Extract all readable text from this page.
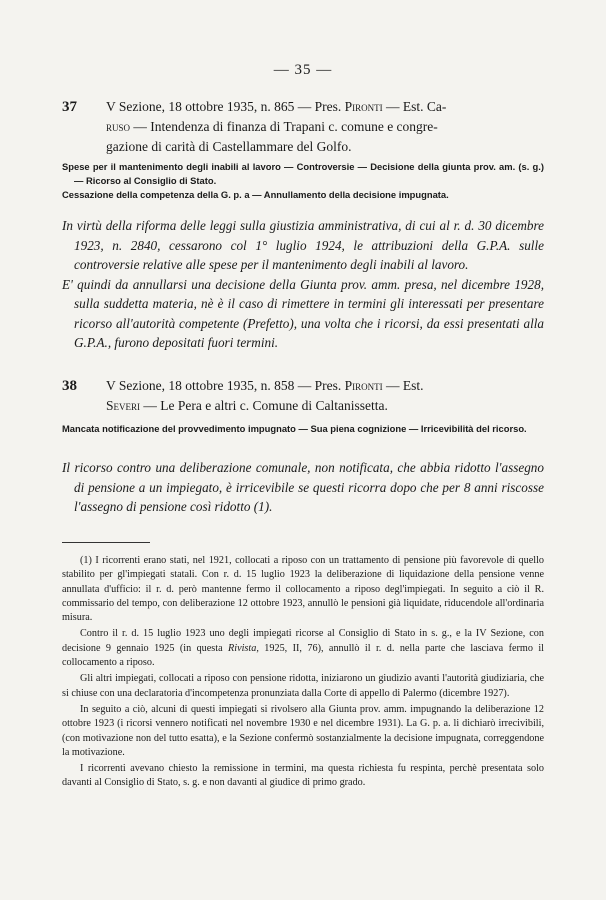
— 35 —
37 V Sezione, 18 ottobre 1935, n. 865 — Pres. Pironti — Est. Ca-
ruso — Intendenza di finanza di Trapani c. comune e congre-
gazione di carità di Castellammare del Golfo.

Spese per il mantenimento degli inabili al lavoro — Controversie — Decisione della giunta prov. am. (s. g.) — Ricorso al Consiglio di Stato.

Cessazione della competenza della G. p. a — Annullamento della decisione impugnata.

In virtù della riforma delle leggi sulla giustizia amministrativa, di cui al r. d. 30 dicembre 1923, n. 2840, cessarono col 1° luglio 1924, le attribuzioni della G.P.A. sulle controversie relative alle spese per il mantenimento degli inabili al lavoro.

E' quindi da annullarsi una decisione della Giunta prov. amm. presa, nel dicembre 1928, sulla suddetta materia, nè è il caso di rimettere in termini gli interessati per presentare ricorso all'autorità competente (Prefetto), una volta che i ricorsi, da essi presentati alla G.P.A., furono depositati fuori termini.

38 V Sezione, 18 ottobre 1935, n. 858 — Pres. Pironti — Est.
Severi — Le Pera e altri c. Comune di Caltanissetta.

Mancata notificazione del provvedimento impugnato — Sua piena cognizione — Irricevibilità del ricorso.

Il ricorso contro una deliberazione comunale, non notificata, che abbia ridotto l'assegno di pensione a un impiegato, è irricevibile se questi ricorra dopo che per 8 anni riscosse l'assegno di pensione così ridotto (1).

(1) I ricorrenti erano stati, nel 1921, collocati a riposo con un trattamento di pensione più favorevole di quello stabilito per gl'impiegati statali. Con r. d. 15 luglio 1923 la deliberazione di liquidazione della pensione venne annullata d'ufficio: il r. d. però mantenne fermo il collocamento a riposo degl'impiegati. In seguito a ciò il R. commissario del tempo, con deliberazione 12 ottobre 1923, annullò le pensioni già liquidate, riducendole all'ordinaria misura.

Contro il r. d. 15 luglio 1923 uno degli impiegati ricorse al Consiglio di Stato in s. g., e la IV Sezione, con decisione 9 gennaio 1925 (in questa Rivista, 1925, II, 76), annullò il r. d. nella parte che lasciava fermo il collocamento a riposo.

Gli altri impiegati, collocati a riposo con pensione ridotta, iniziarono un giudizio avanti l'autorità giudiziaria, che si chiuse con una declaratoria d'incompetenza pronunziata dalla Corte di appello di Palermo (dicembre 1927).

In seguito a ciò, alcuni di questi impiegati si rivolsero alla Giunta prov. amm. impugnando la deliberazione 12 ottobre 1923 (i ricorsi vennero notificati nel novembre 1930 e nel dicembre 1931). La G. p. a. li dichiarò irrecivibili, (con motivazione non del tutto esatta), e la Sezione confermò sostanzialmente la decisione impugnata, correggendone la motivazione.

I ricorrenti avevano chiesto la remissione in termini, ma questa richiesta fu respinta, perchè presentata solo davanti al Consiglio di Stato, s. g. e non davanti al giudice di primo grado.
